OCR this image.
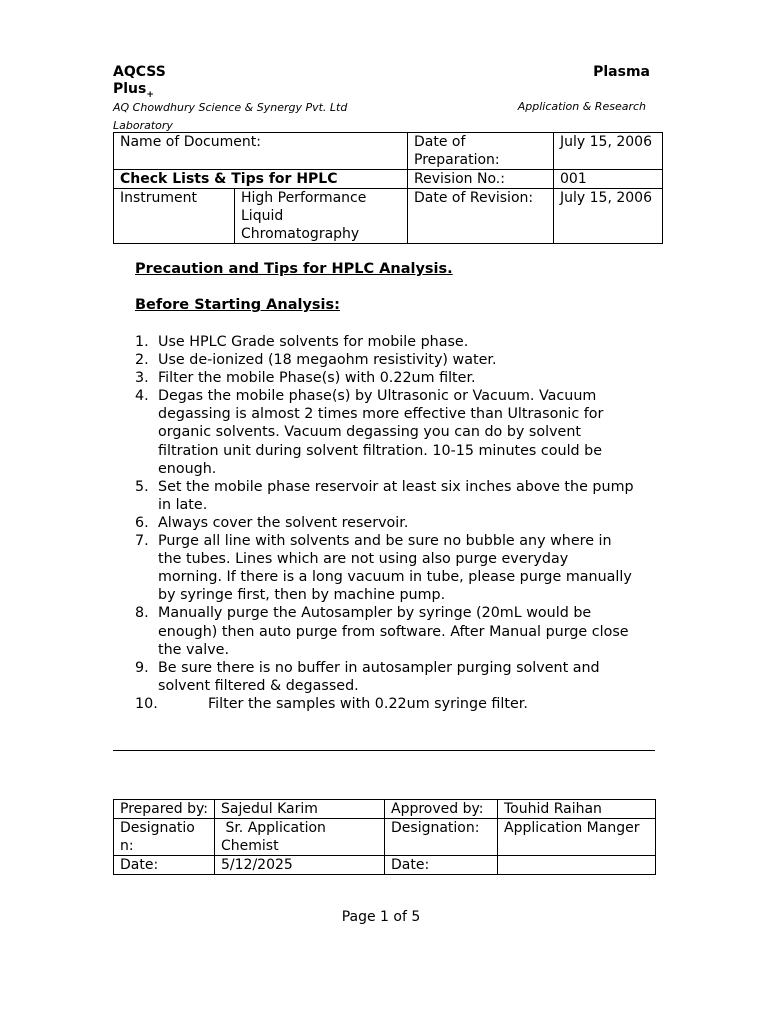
AQCSS
Plus$_+$
Plasma
AQ Chowdhury Science & Synergy Pvt. Ltd
Laboratory
Application & Research
Name of Document:		Date of Preparation:	July 15, 2006
Check Lists & Tips for HPLC		Revision No.:	001
Instrument	High Performance Liquid Chromatography	Date of Revision:	July 15, 2006
Precaution and Tips for HPLC Analysis.
Before Starting Analysis:
1. Use HPLC Grade solvents for mobile phase.
2. Use de-ionized (18 megaohm resistivity) water.
3. Filter the mobile Phase(s) with 0.22um filter.
4. Degas the mobile phase(s) by Ultrasonic or Vacuum. Vacuum degassing is almost 2 times more effective than Ultrasonic for organic solvents. Vacuum degassing you can do by solvent filtration unit during solvent filtration. 10-15 minutes could be enough.
5. Set the mobile phase reservoir at least six inches above the pump in late.
6. Always cover the solvent reservoir.
7. Purge all line with solvents and be sure no bubble any where in the tubes. Lines which are not using also purge everyday morning. If there is a long vacuum in tube, please purge manually by syringe first, then by machine pump.
8. Manually purge the Autosampler by syringe (20mL would be enough) then auto purge from software. After Manual purge close the valve.
9. Be sure there is no buffer in autosampler purging solvent and solvent filtered & degassed.
10.	Filter the samples with 0.22um syringe filter.
Prepared by:	Sajedul Karim	Approved by:	Touhid Raihan
Designation:	Sr. Application Chemist	Designation:	Application Manger
Date:	5/12/2025	Date:	
Page 1 of 5
